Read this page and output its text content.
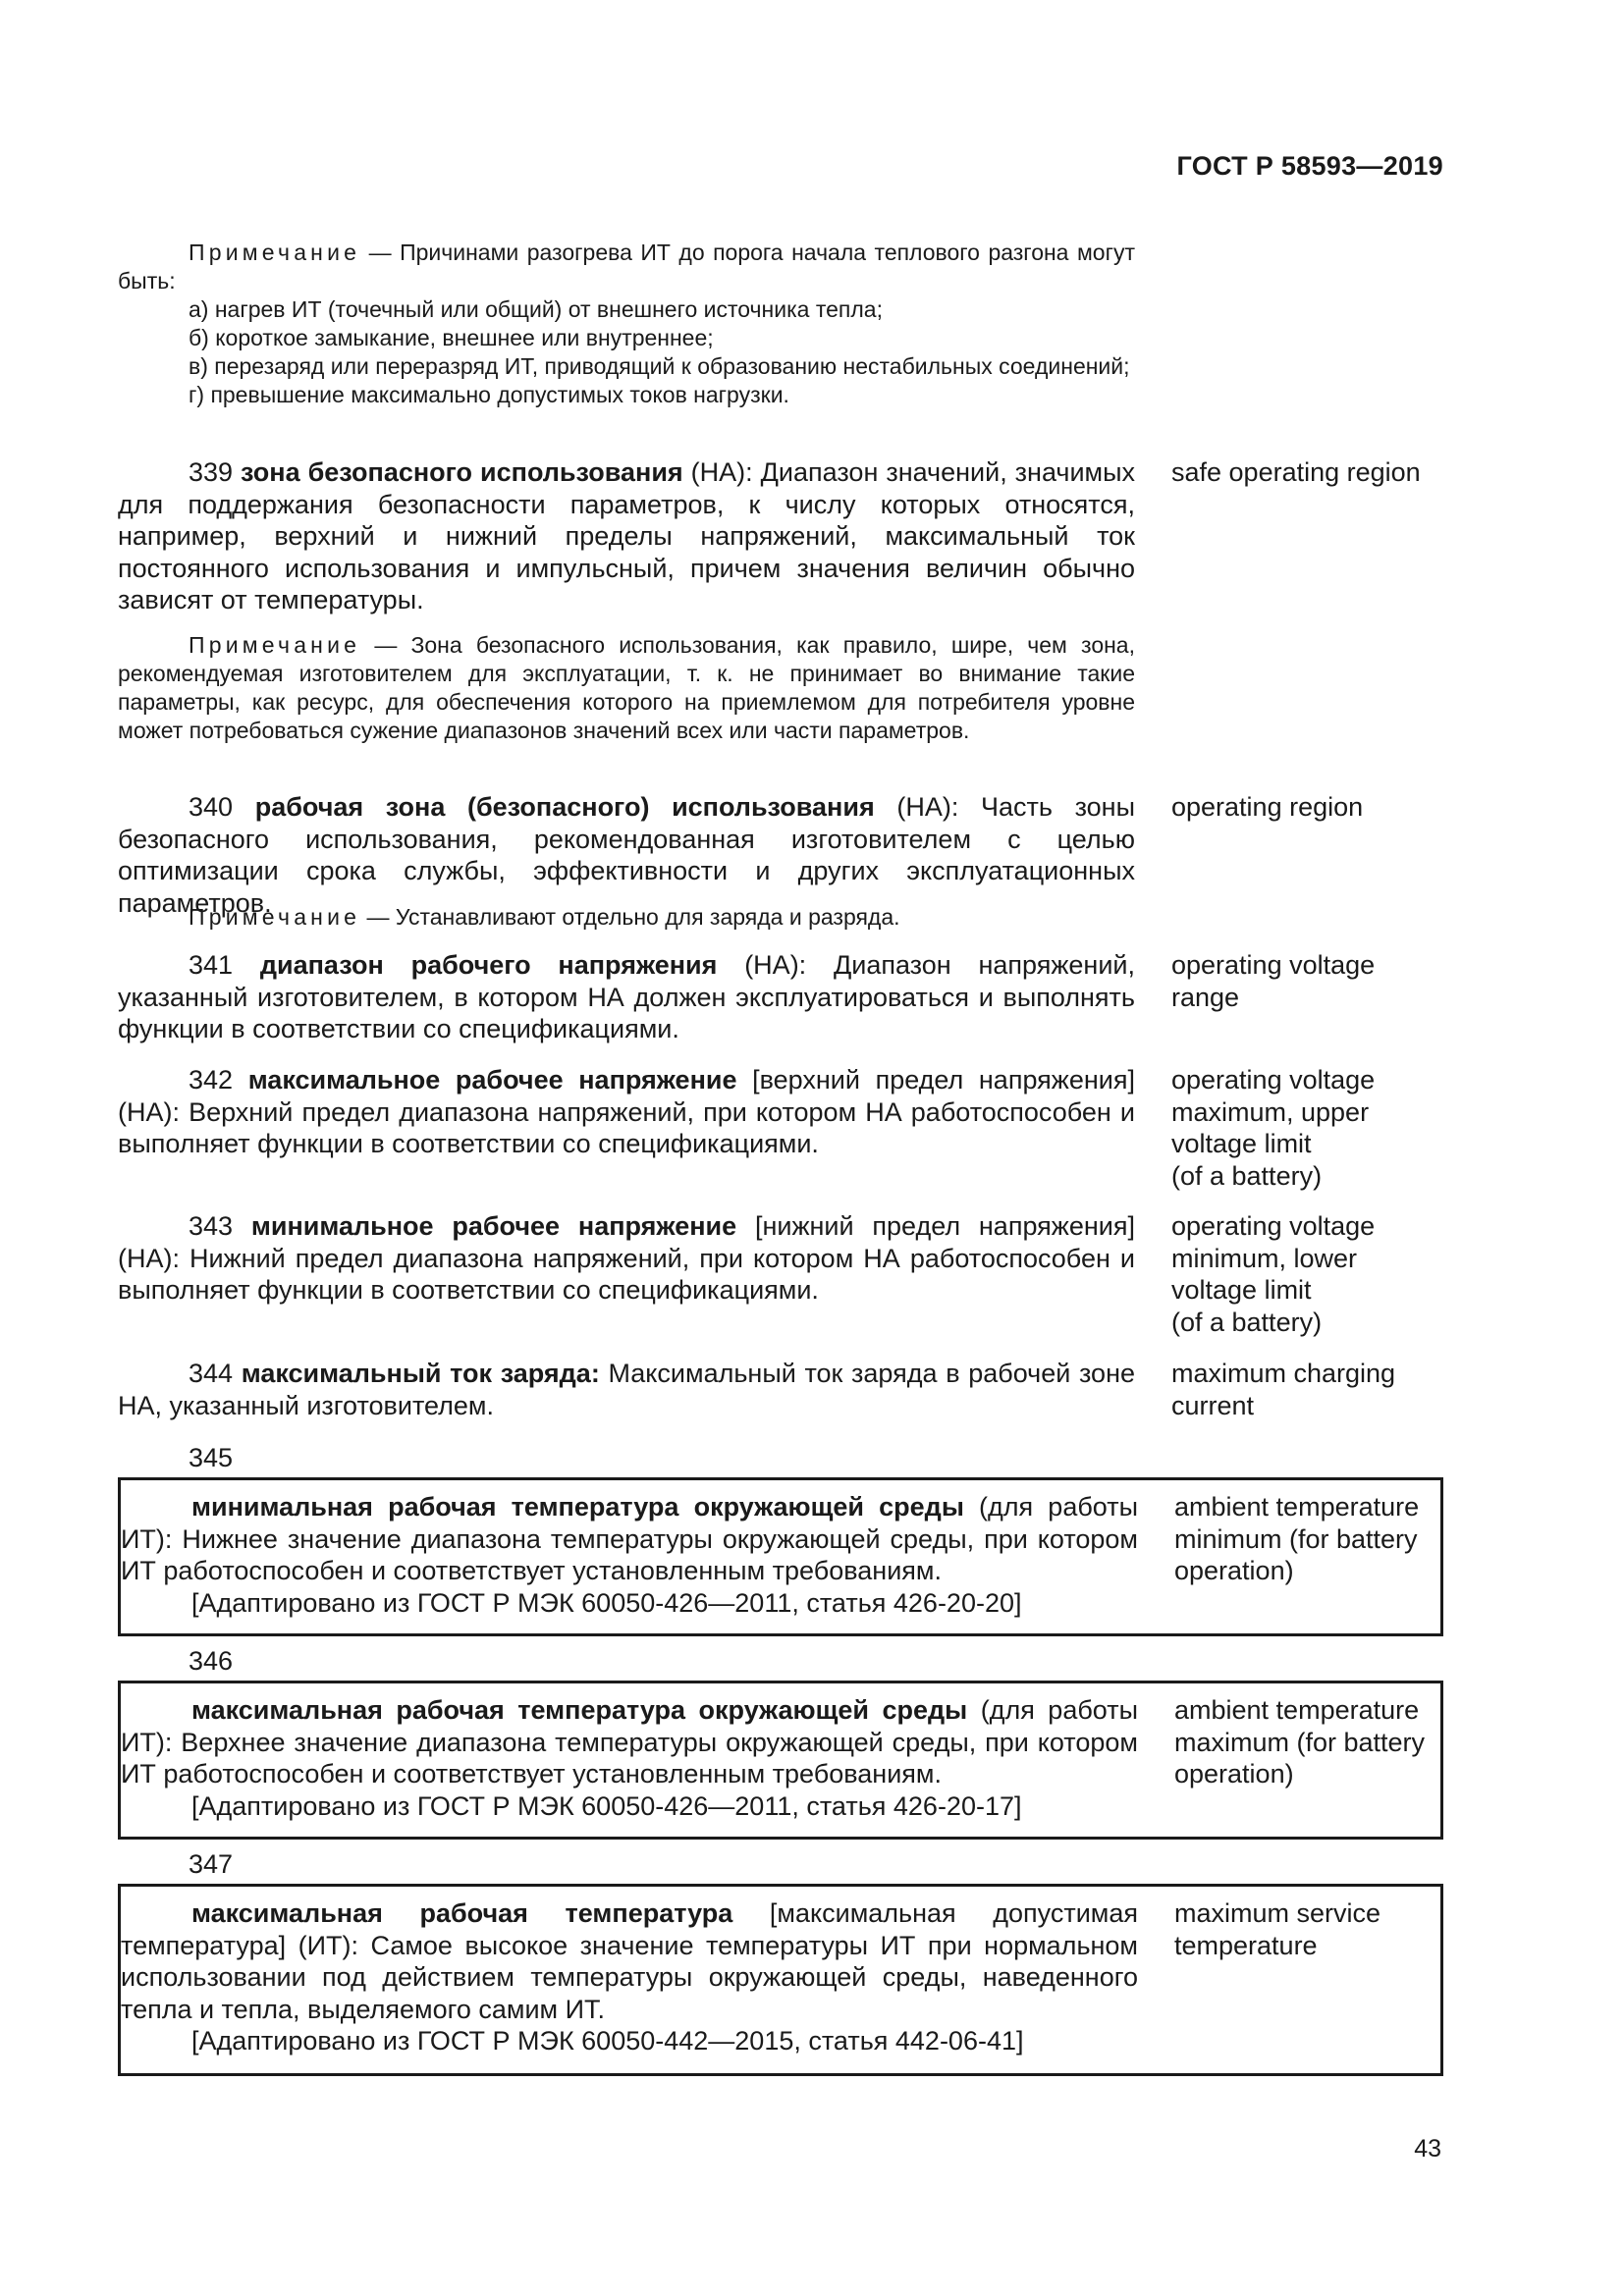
ГОСТ Р 58593—2019

Примечание — Причинами разогрева ИТ до порога начала теплового разгона могут быть:

а) нагрев ИТ (точечный или общий) от внешнего источника тепла;

б) короткое замыкание, внешнее или внутреннее;

в) перезаряд или переразряд ИТ, приводящий к образованию нестабильных соединений;

г) превышение максимально допустимых токов нагрузки.

339 зона безопасного использования (НА): Диапазон значений, значимых для поддержания безопасности параметров, к числу которых относятся, например, верхний и нижний пределы напряжений, максимальный ток постоянного использования и импульсный, причем значения величин обычно зависят от температуры.

safe operating region

Примечание — Зона безопасного использования, как правило, шире, чем зона, рекомендуемая изготовителем для эксплуатации, т. к. не принимает во внимание такие параметры, как ресурс, для обеспечения которого на приемлемом для потребителя уровне может потребоваться сужение диапазонов значений всех или части параметров.

340 рабочая зона (безопасного) использования (НА): Часть зоны безопасного использования, рекомендованная изготовителем с целью оптимизации срока службы, эффективности и других эксплуатационных параметров.

operating region

Примечание — Устанавливают отдельно для заряда и разряда.

341 диапазон рабочего напряжения (НА): Диапазон напряжений, указанный изготовителем, в котором НА должен эксплуатироваться и выполнять функции в соответствии со спецификациями.

operating voltage
range

342 максимальное рабочее напряжение [верхний предел напряжения] (НА): Верхний предел диапазона напряжений, при котором НА работоспособен и выполняет функции в соответствии со спецификациями.

operating voltage
maximum, upper
voltage limit
(of a battery)

343 минимальное рабочее напряжение [нижний предел напряжения] (НА): Нижний предел диапазона напряжений, при котором НА работоспособен и выполняет функции в соответствии со спецификациями.

operating voltage
minimum, lower
voltage limit
(of a battery)

344 максимальный ток заряда: Максимальный ток заряда в рабочей зоне НА, указанный изготовителем.

maximum charging
current
345

минимальная рабочая температура окружающей среды (для работы ИТ): Нижнее значение диапазона температуры окружающей среды, при котором ИТ работоспособен и соответствует установленным требованиям.

[Адаптировано из ГОСТ Р МЭК 60050-426—2011, статья 426-20-20]

ambient temperature
minimum (for battery
operation)
346

максимальная рабочая температура окружающей среды (для работы ИТ): Верхнее значение диапазона температуры окружающей среды, при котором ИТ работоспособен и соответствует установленным требованиям.

[Адаптировано из ГОСТ Р МЭК 60050-426—2011, статья 426-20-17]

ambient temperature
maximum (for battery
operation)
347

максимальная рабочая температура [максимальная допустимая температура] (ИТ): Самое высокое значение температуры ИТ при нормальном использовании под действием температуры окружающей среды, наведенного тепла и тепла, выделяемого самим ИТ.

[Адаптировано из ГОСТ Р МЭК 60050-442—2015, статья 442-06-41]

maximum service
temperature
43
